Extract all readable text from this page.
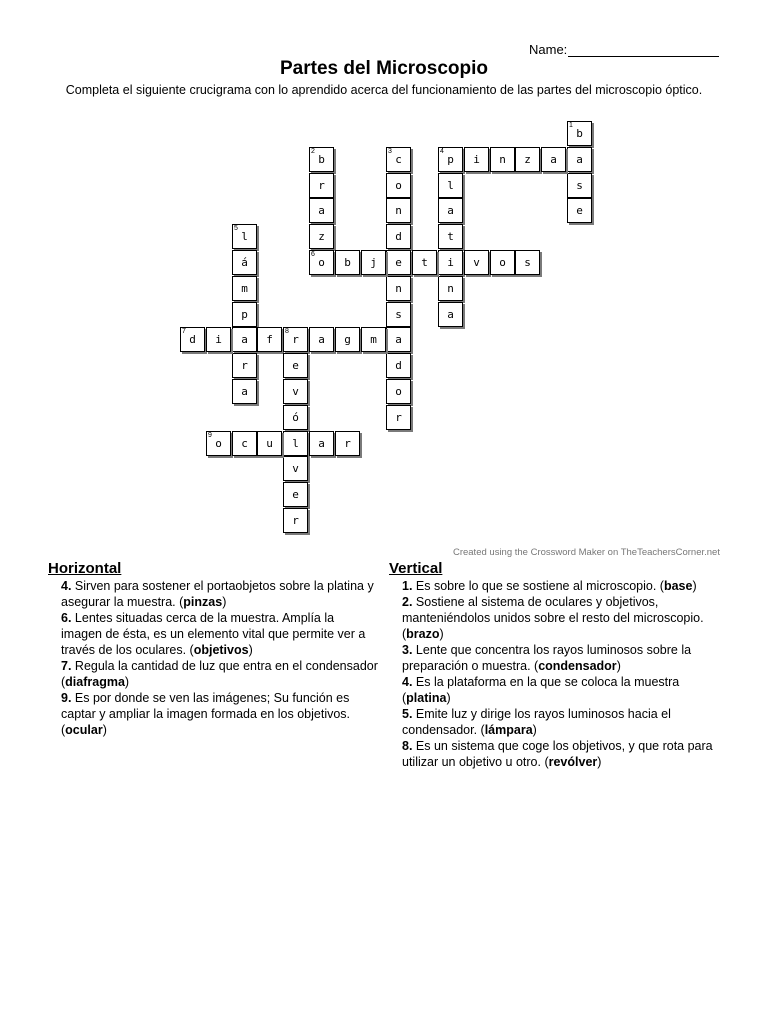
Name:
Partes del Microscopio
Completa el siguiente crucigrama con lo aprendido acerca del funcionamiento de las partes del microscopio óptico.
1
b
a
s
e
2
b
r
a
z
6
o
3
c
o
n
d
e
n
s
a
d
o
r
4
p	i	n	z	a
l
a
t
i
n
a
5
l
á
m
p
a
r
a
b	j	t	v	o	s
7
d	i	f
8
r	a	g	m
e
v
ó
l
v
e
r
9
o	c	u	a	r
Created using the Crossword Maker on TheTeachersCorner.net
Horizontal
4. Sirven para sostener el portaobjetos sobre la platina y asegurar la muestra. (pinzas)
6. Lentes situadas cerca de la muestra. Amplía la imagen de ésta, es un elemento vital que permite ver a través de los oculares. (objetivos)
7. Regula la cantidad de luz que entra en el condensador (diafragma)
9. Es por donde se ven las imágenes; Su función es captar y ampliar la imagen formada en los objetivos. (ocular)
Vertical
1. Es sobre lo que se sostiene al microscopio. (base)
2. Sostiene al sistema de oculares y objetivos, manteniéndolos unidos sobre el resto del microscopio. (brazo)
3. Lente que concentra los rayos luminosos sobre la preparación o muestra. (condensador)
4. Es la plataforma en la que se coloca la muestra (platina)
5. Emite luz y dirige los rayos luminosos hacia el condensador. (lámpara)
8. Es un sistema que coge los objetivos, y que rota para utilizar un objetivo u otro. (revólver)
